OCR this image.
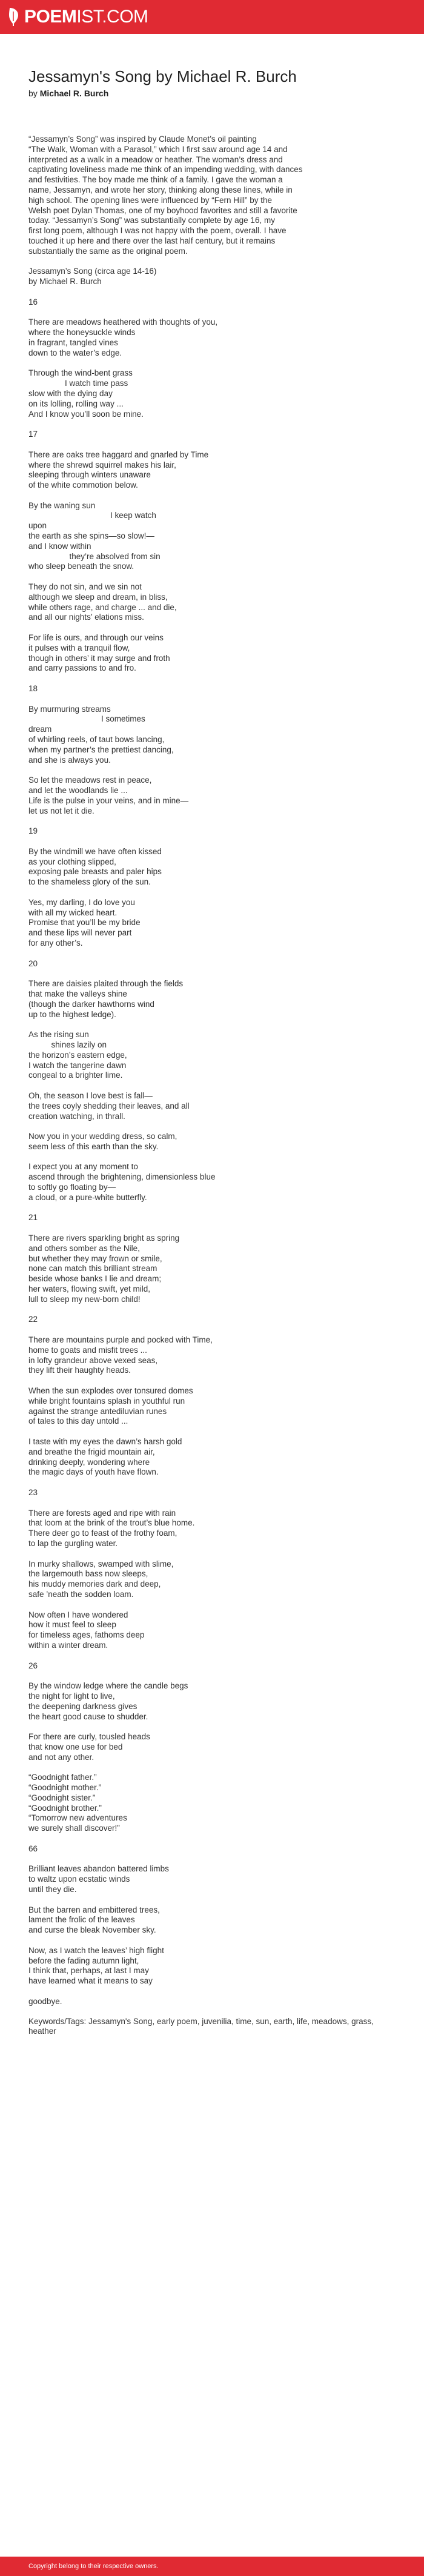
POEMIST.COM
Jessamyn's Song by Michael R. Burch
by Michael R. Burch
“Jessamyn’s Song” was inspired by Claude Monet’s oil painting
“The Walk, Woman with a Parasol,” which I first saw around age 14 and
interpreted as a walk in a meadow or heather. The woman’s dress and
captivating loveliness made me think of an impending wedding, with dances
and festivities. The boy made me think of a family. I gave the woman a
name, Jessamyn, and wrote her story, thinking along these lines, while in
high school. The opening lines were influenced by “Fern Hill” by the
Welsh poet Dylan Thomas, one of my boyhood favorites and still a favorite
today. “Jessamyn’s Song” was substantially complete by age 16, my
first long poem, although I was not happy with the poem, overall. I have
touched it up here and there over the last half century, but it remains
substantially the same as the original poem.

Jessamyn’s Song (circa age 14-16)
by Michael R. Burch

16

There are meadows heathered with thoughts of you,
where the honeysuckle winds
in fragrant, tangled vines
down to the water’s edge.

Through the wind-bent grass
I watch time pass
slow with the dying day
on its lolling, rolling way ...
And I know you’ll soon be mine.

17

There are oaks tree haggard and gnarled by Time
where the shrewd squirrel makes his lair,
sleeping through winters unaware
of the white commotion below.

By the waning sun
I keep watch
upon
the earth as she spins—so slow!—
and I know within
they’re absolved from sin
who sleep beneath the snow.

They do not sin, and we sin not
although we sleep and dream, in bliss,
while others rage, and charge ... and die,
and all our nights’ elations miss.

For life is ours, and through our veins
it pulses with a tranquil flow,
though in others’ it may surge and froth
and carry passions to and fro.

18

By murmuring streams
I sometimes
dream
of whirling reels, of taut bows lancing,
when my partner’s the prettiest dancing,
and she is always you.

So let the meadows rest in peace,
and let the woodlands lie ...
Life is the pulse in your veins, and in mine—
let us not let it die.

19

By the windmill we have often kissed
as your clothing slipped,
exposing pale breasts and paler hips
to the shameless glory of the sun.

Yes, my darling, I do love you
with all my wicked heart.
Promise that you’ll be my bride
and these lips will never part
for any other’s.

20

There are daisies plaited through the fields
that make the valleys shine
(though the darker hawthorns wind
up to the highest ledge).

As the rising sun
shines lazily on
the horizon’s eastern edge,
I watch the tangerine dawn
congeal to a brighter lime.

Oh, the season I love best is fall—
the trees coyly shedding their leaves, and all
creation watching, in thrall.

Now you in your wedding dress, so calm,
seem less of this earth than the sky.

I expect you at any moment to
ascend through the brightening, dimensionless blue
to softly go floating by—
a cloud, or a pure-white butterfly.

21

There are rivers sparkling bright as spring
and others somber as the Nile,
but whether they may frown or smile,
none can match this brilliant stream
beside whose banks I lie and dream;
her waters, flowing swift, yet mild,
lull to sleep my new-born child!

22

There are mountains purple and pocked with Time,
home to goats and misfit trees ...
in lofty grandeur above vexed seas,
they lift their haughty heads.

When the sun explodes over tonsured domes
while bright fountains splash in youthful run
against the strange antediluvian runes
of tales to this day untold ...

I taste with my eyes the dawn’s harsh gold
and breathe the frigid mountain air,
drinking deeply, wondering where
the magic days of youth have flown.

23

There are forests aged and ripe with rain
that loom at the brink of the trout’s blue home.
There deer go to feast of the frothy foam,
to lap the gurgling water.

In murky shallows, swamped with slime,
the largemouth bass now sleeps,
his muddy memories dark and deep,
safe ’neath the sodden loam.

Now often I have wondered
how it must feel to sleep
for timeless ages, fathoms deep
within a winter dream.

26

By the window ledge where the candle begs
the night for light to live,
the deepening darkness gives
the heart good cause to shudder.

For there are curly, tousled heads
that know one use for bed
and not any other.

“Goodnight father.”
“Goodnight mother.”
“Goodnight sister.”
“Goodnight brother.”
“Tomorrow new adventures
we surely shall discover!”

66

Brilliant leaves abandon battered limbs
to waltz upon ecstatic winds
until they die.

But the barren and embittered trees,
lament the frolic of the leaves
and curse the bleak November sky.

Now, as I watch the leaves’ high flight
before the fading autumn light,
I think that, perhaps, at last I may
have learned what it means to say

goodbye.
Keywords/Tags: Jessamyn's Song, early poem, juvenilia, time, sun, earth, life, meadows, grass, heather
Copyright belong to their respective owners.
